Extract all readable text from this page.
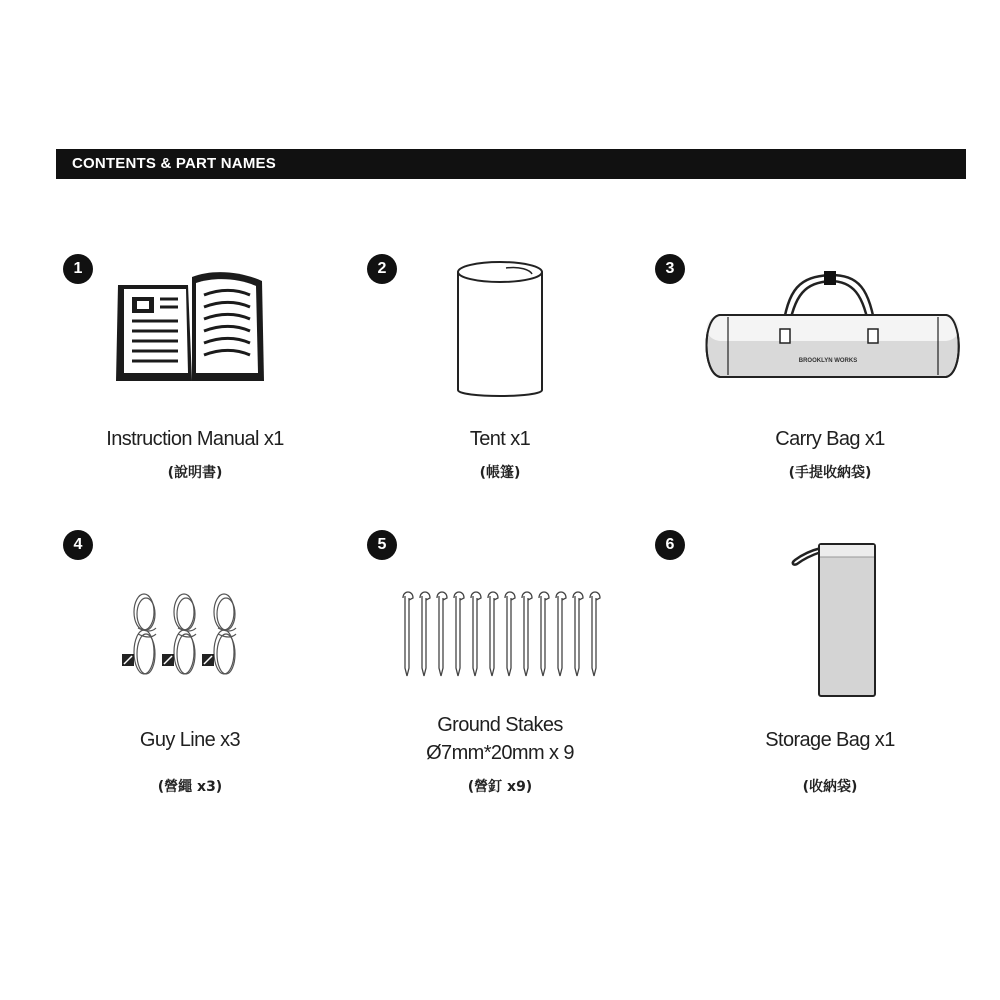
CONTENTS & PART NAMES
1
Instruction Manual x1
(說明書)
2
Tent x1
(帳篷)
3
BROOKLYN WORKS
Carry Bag x1
(手提收納袋)
4
Guy Line x3
(營繩 x3)
5
Ground Stakes
Ø7mm*20mm x 9
(營釘 x9)
6
Storage Bag x1
(收納袋)
